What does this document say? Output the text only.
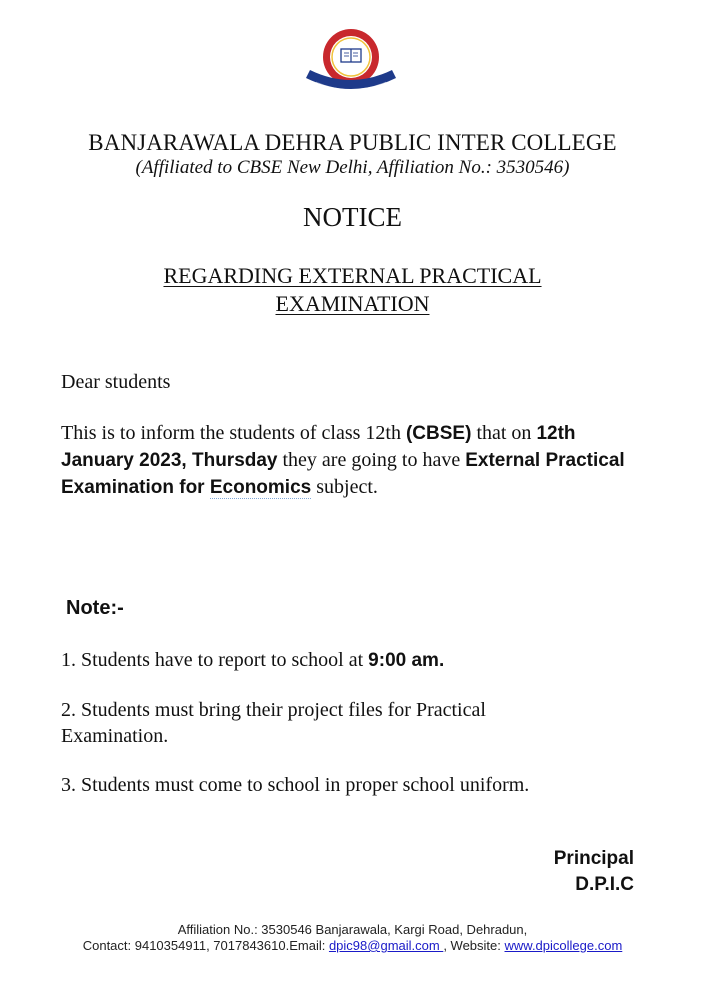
BANJARAWALA DEHRA PUBLIC INTER COLLEGE
(Affiliated to CBSE New Delhi, Affiliation No.: 3530546)
NOTICE
REGARDING EXTERNAL PRACTICAL
EXAMINATION
Dear students
This is to inform the students of class 12th (CBSE) that on 12th January 2023, Thursday they are going to have External Practical Examination for Economics subject.
Note:-
1. Students have to report to school at 9:00 am.
2. Students must bring their project files for Practical Examination.
3. Students must come to school in proper school uniform.
Principal
D.P.I.C
Affiliation No.: 3530546 Banjarawala, Kargi Road, Dehradun,
Contact: 9410354911, 7017843610.Email: dpic98@gmail.com , Website: www.dpicollege.com
